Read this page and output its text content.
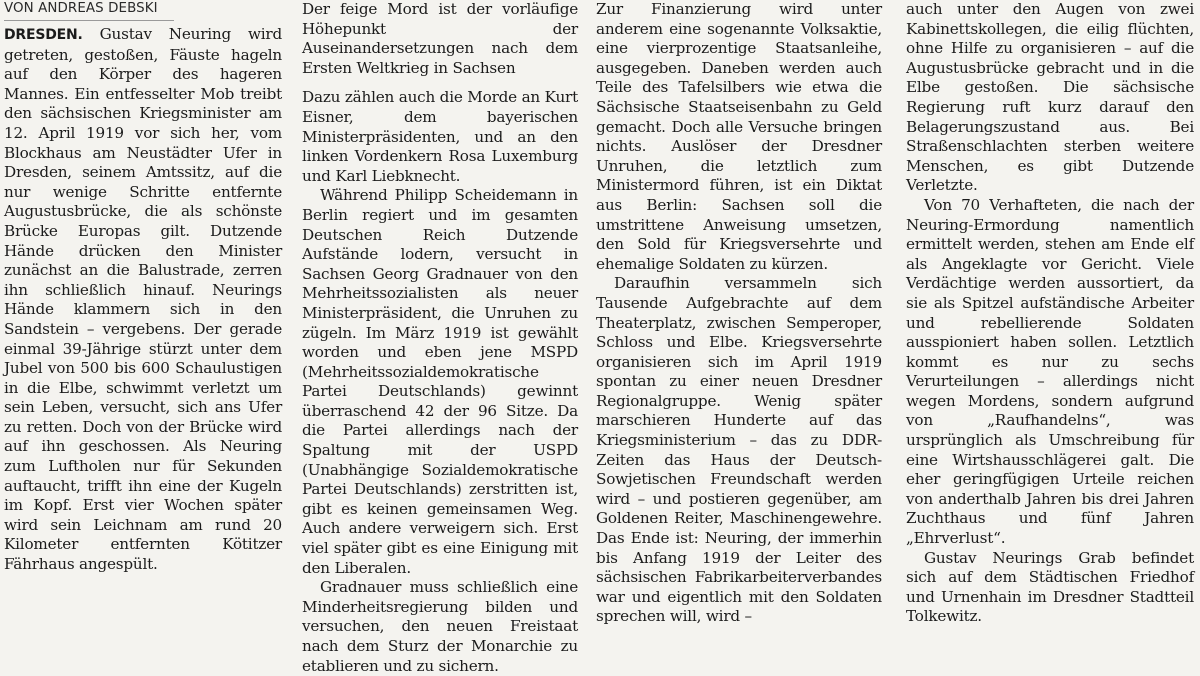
VON ANDREAS DEBSKI

DRESDEN. Gustav Neuring wird getreten, gestoßen, Fäuste hageln auf den Körper des hageren Mannes. Ein entfesselter Mob treibt den sächsischen Kriegsminister am 12. April 1919 vor sich her, vom Blockhaus am Neustädter Ufer in Dresden, seinem Amtssitz, auf die nur wenige Schritte entfernte Augustusbrücke, die als schönste Brücke Europas gilt. Dutzende Hände drücken den Minister zunächst an die Balustrade, zerren ihn schließlich hinauf. Neurings Hände klammern sich in den Sandstein – vergebens. Der gerade einmal 39-Jährige stürzt unter dem Jubel von 500 bis 600 Schaulustigen in die Elbe, schwimmt verletzt um sein Leben, versucht, sich ans Ufer zu retten. Doch von der Brücke wird auf ihn geschossen. Als Neuring zum Luftholen nur für Sekunden auftaucht, trifft ihn eine der Kugeln im Kopf. Erst vier Wochen später wird sein Leichnam am rund 20 Kilometer entfernten Kötitzer Fährhaus angespült.

Der feige Mord ist der vorläufige Höhepunkt der Auseinandersetzungen nach dem Ersten Weltkrieg in Sachsen

Dazu zählen auch die Morde an Kurt Eisner, dem bayerischen Ministerpräsidenten, und an den linken Vordenkern Rosa Luxemburg und Karl Liebknecht.

Während Philipp Scheidemann in Berlin regiert und im gesamten Deutschen Reich Dutzende Aufstände lodern, versucht in Sachsen Georg Gradnauer von den Mehrheitssozialisten als neuer Ministerpräsident, die Unruhen zu zügeln. Im März 1919 ist gewählt worden und eben jene MSPD (Mehrheitssozialdemokratische Partei Deutschlands) gewinnt überraschend 42 der 96 Sitze. Da die Partei allerdings nach der Spaltung mit der USPD (Unabhängige Sozialdemokratische Partei Deutschlands) zerstritten ist, gibt es keinen gemeinsamen Weg. Auch andere verweigern sich. Erst viel später gibt es eine Einigung mit den Liberalen.

Gradnauer muss schließlich eine Minderheitsregierung bilden und versuchen, den neuen Freistaat nach dem Sturz der Monarchie zu etablieren und zu sichern.

Zur Finanzierung wird unter anderem eine sogenannte Volksaktie, eine vierprozentige Staatsanleihe, ausgegeben. Daneben werden auch Teile des Tafelsilbers wie etwa die Sächsische Staatseisenbahn zu Geld gemacht. Doch alle Versuche bringen nichts. Auslöser der Dresdner Unruhen, die letztlich zum Ministermord führen, ist ein Diktat aus Berlin: Sachsen soll die umstrittene Anweisung umsetzen, den Sold für Kriegsversehrte und ehemalige Soldaten zu kürzen.

Daraufhin versammeln sich Tausende Aufgebrachte auf dem Theaterplatz, zwischen Semperoper, Schloss und Elbe. Kriegsversehrte organisieren sich im April 1919 spontan zu einer neuen Dresdner Regionalgruppe. Wenig später marschieren Hunderte auf das Kriegsministerium – das zu DDR-Zeiten das Haus der Deutsch-Sowjetischen Freundschaft werden wird – und postieren gegenüber, am Goldenen Reiter, Maschinengewehre. Das Ende ist: Neuring, der immerhin bis Anfang 1919 der Leiter des sächsischen Fabrikarbeiterverbandes war und eigentlich mit den Soldaten sprechen will, wird –

auch unter den Augen von zwei Kabinettskollegen, die eilig flüchten, ohne Hilfe zu organisieren – auf die Augustusbrücke gebracht und in die Elbe gestoßen. Die sächsische Regierung ruft kurz darauf den Belagerungszustand aus. Bei Straßenschlachten sterben weitere Menschen, es gibt Dutzende Verletzte.

Von 70 Verhafteten, die nach der Neuring-Ermordung namentlich ermittelt werden, stehen am Ende elf als Angeklagte vor Gericht. Viele Verdächtige werden aussortiert, da sie als Spitzel aufständische Arbeiter und rebellierende Soldaten ausspioniert haben sollen. Letztlich kommt es nur zu sechs Verurteilungen – allerdings nicht wegen Mordens, sondern aufgrund von „Raufhandelns“, was ursprünglich als Umschreibung für eine Wirtshausschlägerei galt. Die eher geringfügigen Urteile reichen von anderthalb Jahren bis drei Jahren Zuchthaus und fünf Jahren „Ehrverlust“.

Gustav Neurings Grab befindet sich auf dem Städtischen Friedhof und Urnenhain im Dresdner Stadtteil Tolkewitz.
